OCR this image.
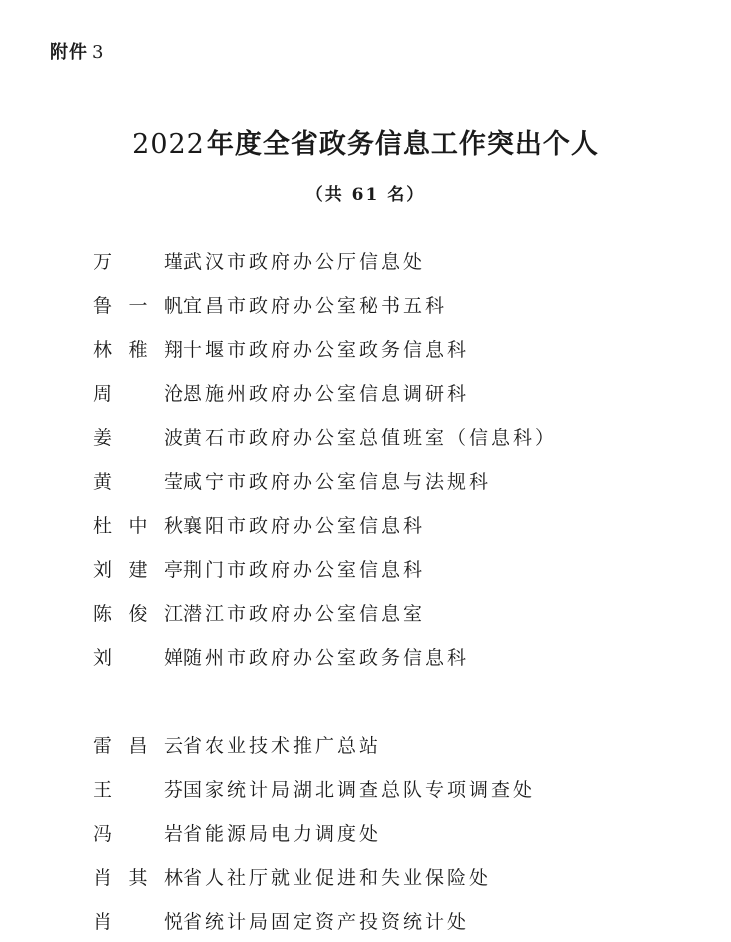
附件 3
2022年度全省政务信息工作突出个人
（共 61 名）
万	瑾 武汉市政府办公厅信息处
鲁 一 帆 宜昌市政府办公室秘书五科
林 稚 翔 十堰市政府办公室政务信息科
周	沧 恩施州政府办公室信息调研科
姜	波 黄石市政府办公室总值班室（信息科）
黄	莹 咸宁市政府办公室信息与法规科
杜 中 秋 襄阳市政府办公室信息科
刘 建 亭 荆门市政府办公室信息科
陈 俊 江 潜江市政府办公室信息室
刘	婵 随州市政府办公室政务信息科
雷 昌 云 省农业技术推广总站
王	芬 国家统计局湖北调查总队专项调查处
冯	岩 省能源局电力调度处
肖 其 林 省人社厅就业促进和失业保险处
肖	悦 省统计局固定资产投资统计处
